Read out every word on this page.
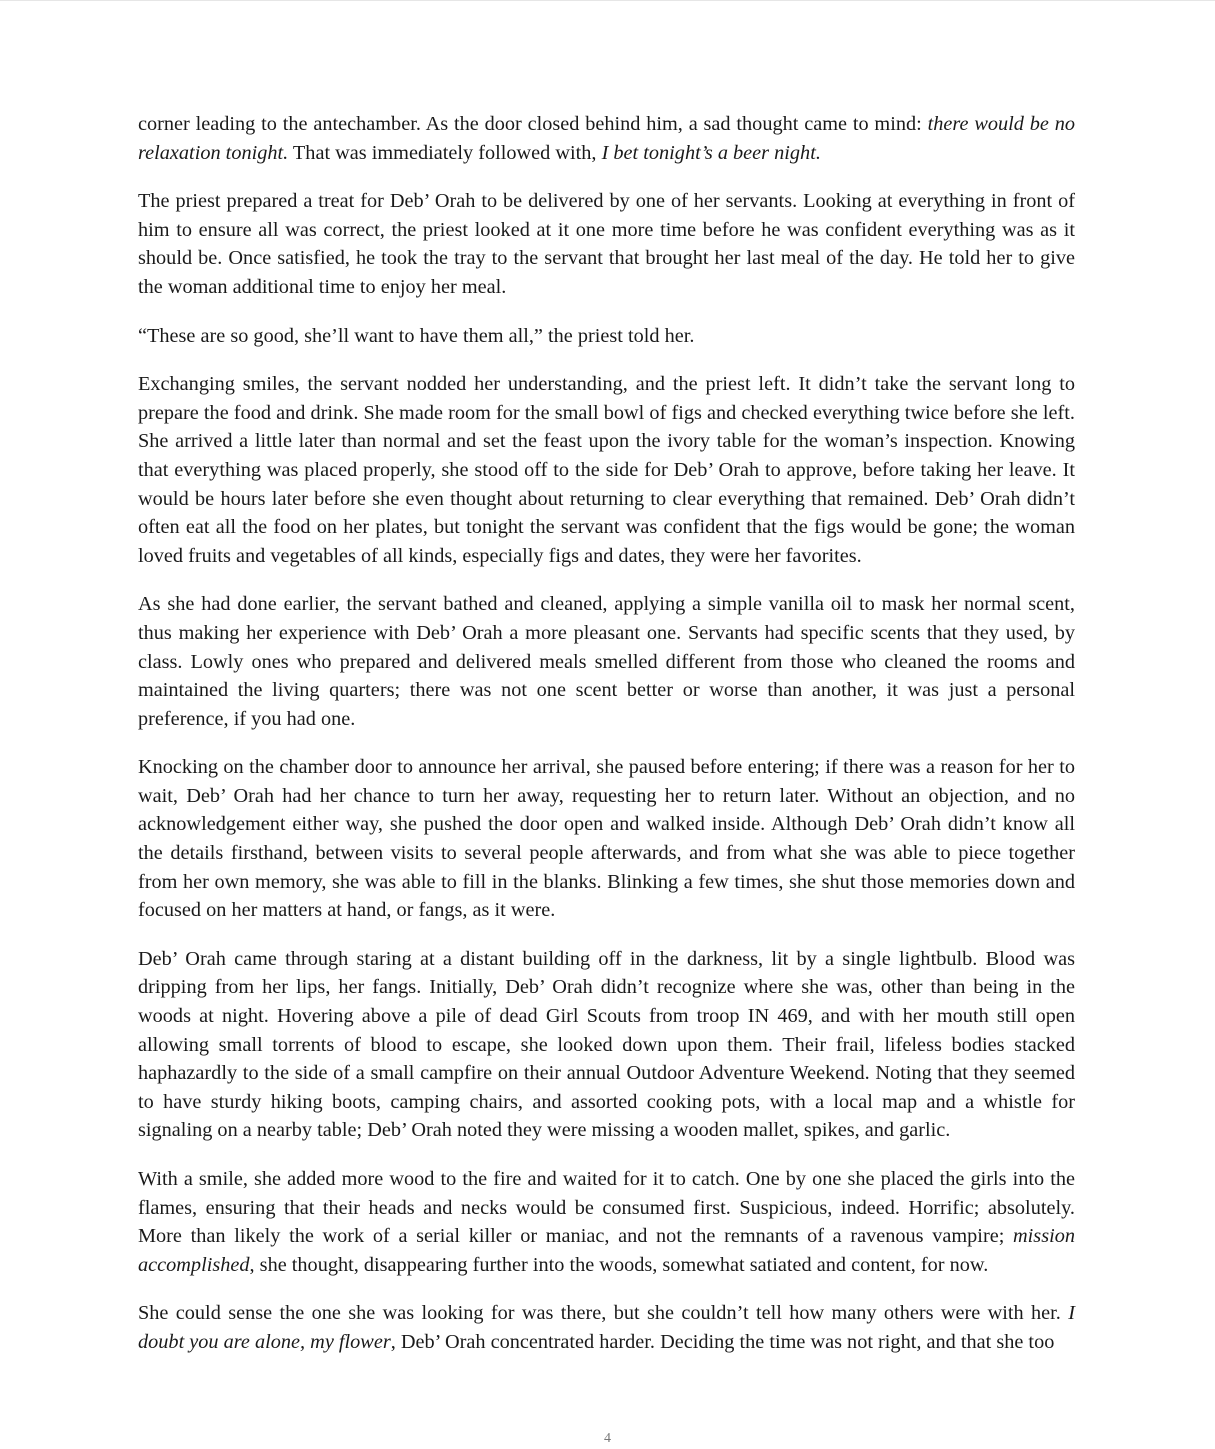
corner leading to the antechamber. As the door closed behind him, a sad thought came to mind: there would be no relaxation tonight. That was immediately followed with, I bet tonight’s a beer night.

The priest prepared a treat for Deb’ Orah to be delivered by one of her servants. Looking at everything in front of him to ensure all was correct, the priest looked at it one more time before he was confident everything was as it should be. Once satisfied, he took the tray to the servant that brought her last meal of the day. He told her to give the woman additional time to enjoy her meal.

“These are so good, she’ll want to have them all,” the priest told her.

Exchanging smiles, the servant nodded her understanding, and the priest left. It didn’t take the servant long to prepare the food and drink. She made room for the small bowl of figs and checked everything twice before she left. She arrived a little later than normal and set the feast upon the ivory table for the woman’s inspection. Knowing that everything was placed properly, she stood off to the side for Deb’ Orah to approve, before taking her leave. It would be hours later before she even thought about returning to clear everything that remained. Deb’ Orah didn’t often eat all the food on her plates, but tonight the servant was confident that the figs would be gone; the woman loved fruits and vegetables of all kinds, especially figs and dates, they were her favorites.

As she had done earlier, the servant bathed and cleaned, applying a simple vanilla oil to mask her normal scent, thus making her experience with Deb’ Orah a more pleasant one. Servants had specific scents that they used, by class. Lowly ones who prepared and delivered meals smelled different from those who cleaned the rooms and maintained the living quarters; there was not one scent better or worse than another, it was just a personal preference, if you had one.

Knocking on the chamber door to announce her arrival, she paused before entering; if there was a reason for her to wait, Deb’ Orah had her chance to turn her away, requesting her to return later. Without an objection, and no acknowledgement either way, she pushed the door open and walked inside. Although Deb’ Orah didn’t know all the details firsthand, between visits to several people afterwards, and from what she was able to piece together from her own memory, she was able to fill in the blanks. Blinking a few times, she shut those memories down and focused on her matters at hand, or fangs, as it were.

Deb’ Orah came through staring at a distant building off in the darkness, lit by a single lightbulb. Blood was dripping from her lips, her fangs. Initially, Deb’ Orah didn’t recognize where she was, other than being in the woods at night. Hovering above a pile of dead Girl Scouts from troop IN 469, and with her mouth still open allowing small torrents of blood to escape, she looked down upon them. Their frail, lifeless bodies stacked haphazardly to the side of a small campfire on their annual Outdoor Adventure Weekend. Noting that they seemed to have sturdy hiking boots, camping chairs, and assorted cooking pots, with a local map and a whistle for signaling on a nearby table; Deb’ Orah noted they were missing a wooden mallet, spikes, and garlic.

With a smile, she added more wood to the fire and waited for it to catch. One by one she placed the girls into the flames, ensuring that their heads and necks would be consumed first. Suspicious, indeed. Horrific; absolutely. More than likely the work of a serial killer or maniac, and not the remnants of a ravenous vampire; mission accomplished, she thought, disappearing further into the woods, somewhat satiated and content, for now.

She could sense the one she was looking for was there, but she couldn’t tell how many others were with her. I doubt you are alone, my flower, Deb’ Orah concentrated harder. Deciding the time was not right, and that she too

4
